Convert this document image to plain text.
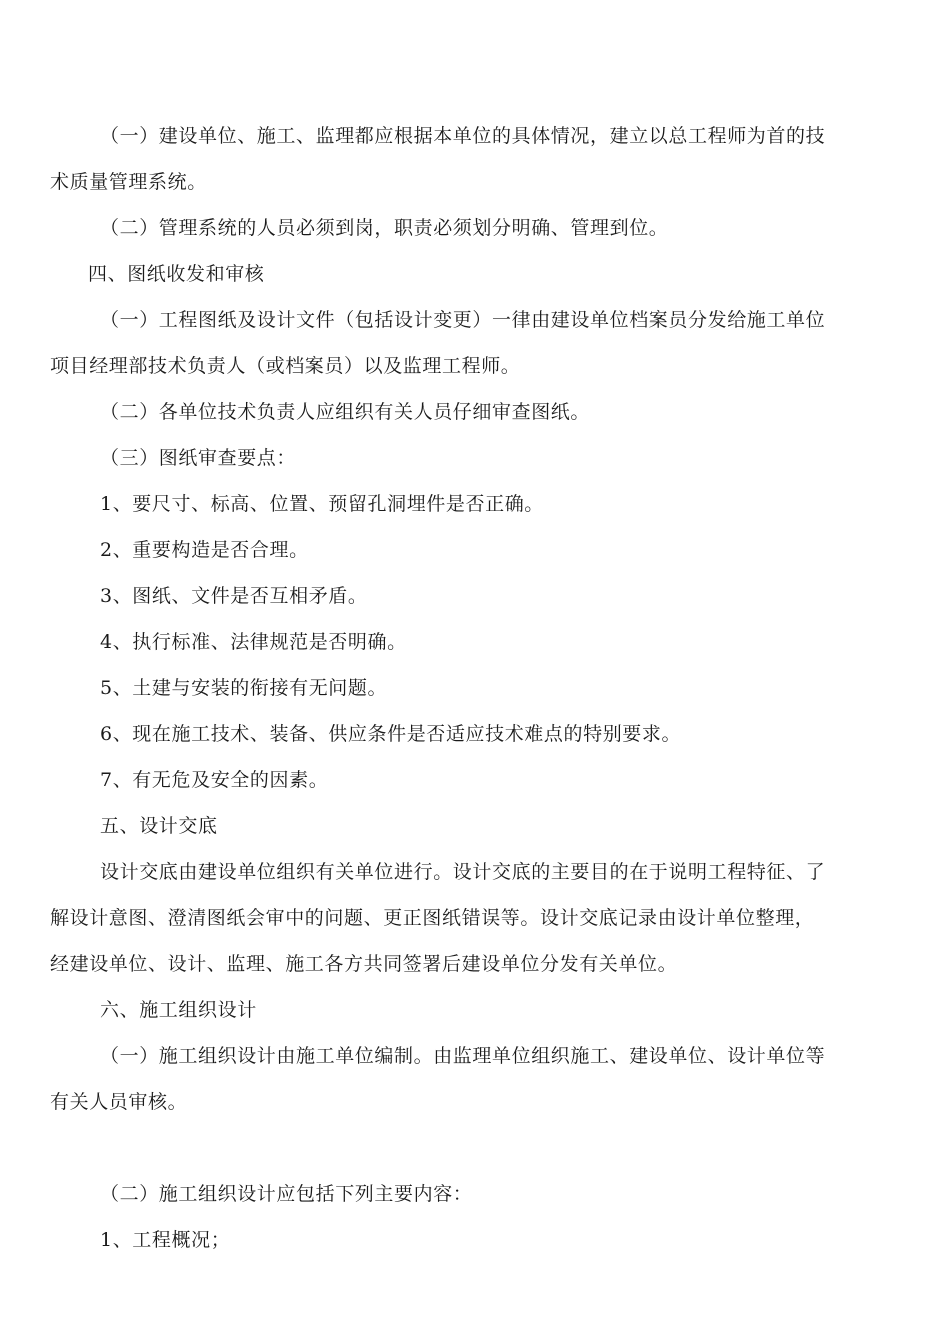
（一）建设单位、施工、监理都应根据本单位的具体情况，建立以总工程师为首的技
术质量管理系统。
（二）管理系统的人员必须到岗，职责必须划分明确、管理到位。
四、图纸收发和审核
（一）工程图纸及设计文件（包括设计变更）一律由建设单位档案员分发给施工单位
项目经理部技术负责人（或档案员）以及监理工程师。
（二）各单位技术负责人应组织有关人员仔细审查图纸。
（三）图纸审查要点：
1、要尺寸、标高、位置、预留孔洞埋件是否正确。
2、重要构造是否合理。
3、图纸、文件是否互相矛盾。
4、执行标准、法律规范是否明确。
5、土建与安装的衔接有无问题。
6、现在施工技术、装备、供应条件是否适应技术难点的特别要求。
7、有无危及安全的因素。
五、设计交底
设计交底由建设单位组织有关单位进行。设计交底的主要目的在于说明工程特征、了
解设计意图、澄清图纸会审中的问题、更正图纸错误等。设计交底记录由设计单位整理，
经建设单位、设计、监理、施工各方共同签署后建设单位分发有关单位。
六、施工组织设计
（一）施工组织设计由施工单位编制。由监理单位组织施工、建设单位、设计单位等
有关人员审核。
（二）施工组织设计应包括下列主要内容：
1、工程概况；
